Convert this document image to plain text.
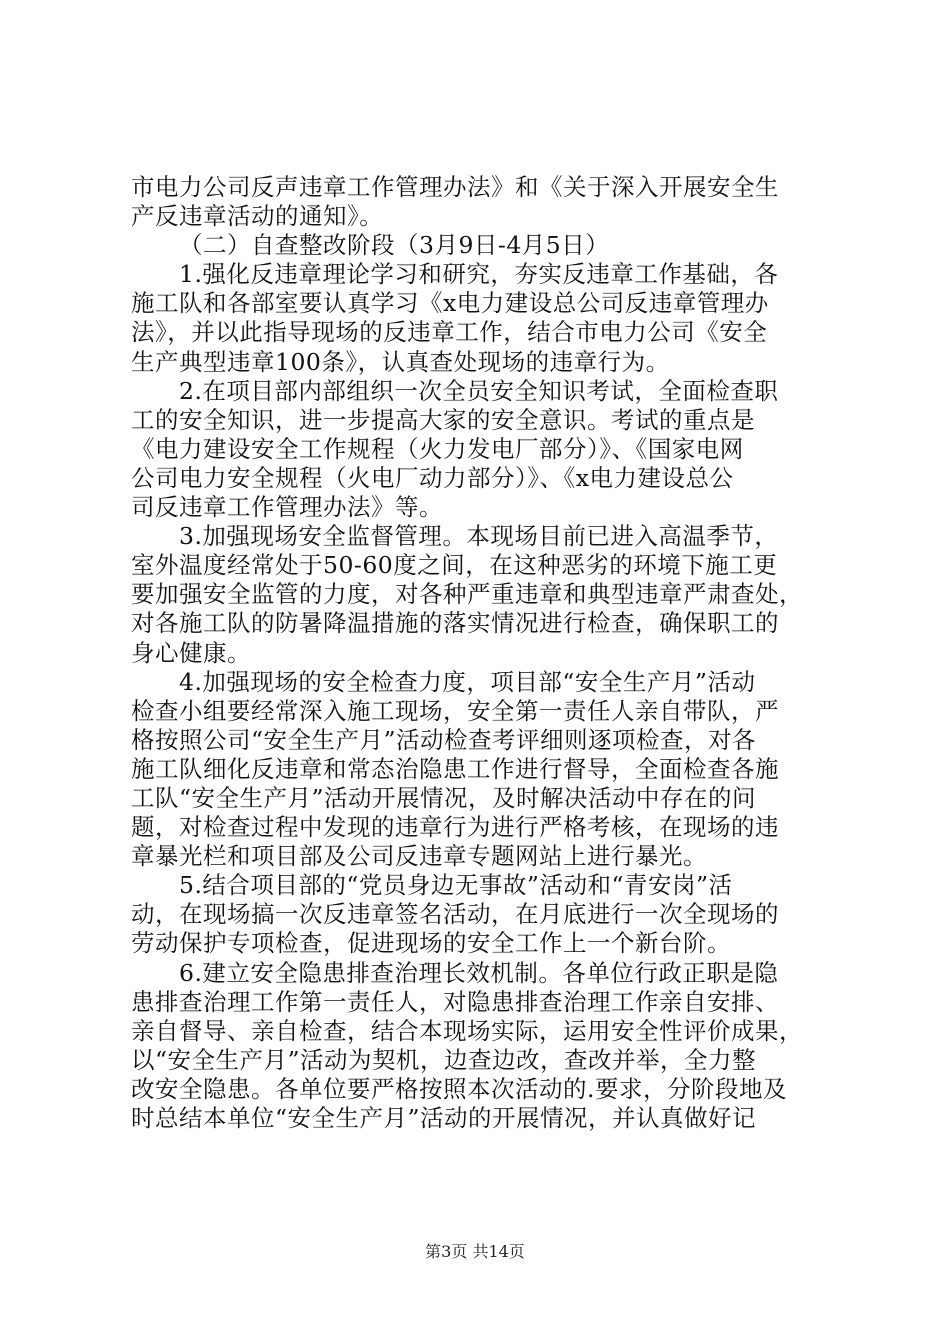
市电力公司反声违章工作管理办法》和《关于深入开展安全生
产反违章活动的通知》。
（二）自查整改阶段（3月9日-4月5日）
1.强化反违章理论学习和研究，夯实反违章工作基础，各
施工队和各部室要认真学习《x电力建设总公司反违章管理办
法》，并以此指导现场的反违章工作，结合市电力公司《安全
生产典型违章100条》，认真查处现场的违章行为。
2.在项目部内部组织一次全员安全知识考试，全面检查职
工的安全知识，进一步提高大家的安全意识。考试的重点是
《电力建设安全工作规程（火力发电厂部分）》、《国家电网
公司电力安全规程（火电厂动力部分）》、《x电力建设总公
司反违章工作管理办法》等。
3.加强现场安全监督管理。本现场目前已进入高温季节，
室外温度经常处于50-60度之间，在这种恶劣的环境下施工更
要加强安全监管的力度，对各种严重违章和典型违章严肃查处，
对各施工队的防暑降温措施的落实情况进行检查，确保职工的
身心健康。
4.加强现场的安全检查力度，项目部“安全生产月”活动
检查小组要经常深入施工现场，安全第一责任人亲自带队，严
格按照公司“安全生产月”活动检查考评细则逐项检查，对各
施工队细化反违章和常态治隐患工作进行督导，全面检查各施
工队“安全生产月”活动开展情况，及时解决活动中存在的问
题，对检查过程中发现的违章行为进行严格考核，在现场的违
章暴光栏和项目部及公司反违章专题网站上进行暴光。
5.结合项目部的“党员身边无事故”活动和“青安岗”活
动，在现场搞一次反违章签名活动，在月底进行一次全现场的
劳动保护专项检查，促进现场的安全工作上一个新台阶。
6.建立安全隐患排查治理长效机制。各单位行政正职是隐
患排查治理工作第一责任人，对隐患排查治理工作亲自安排、
亲自督导、亲自检查，结合本现场实际，运用安全性评价成果，
以“安全生产月”活动为契机，边查边改，查改并举，全力整
改安全隐患。各单位要严格按照本次活动的.要求，分阶段地及
时总结本单位“安全生产月”活动的开展情况，并认真做好记
第3页 共14页
